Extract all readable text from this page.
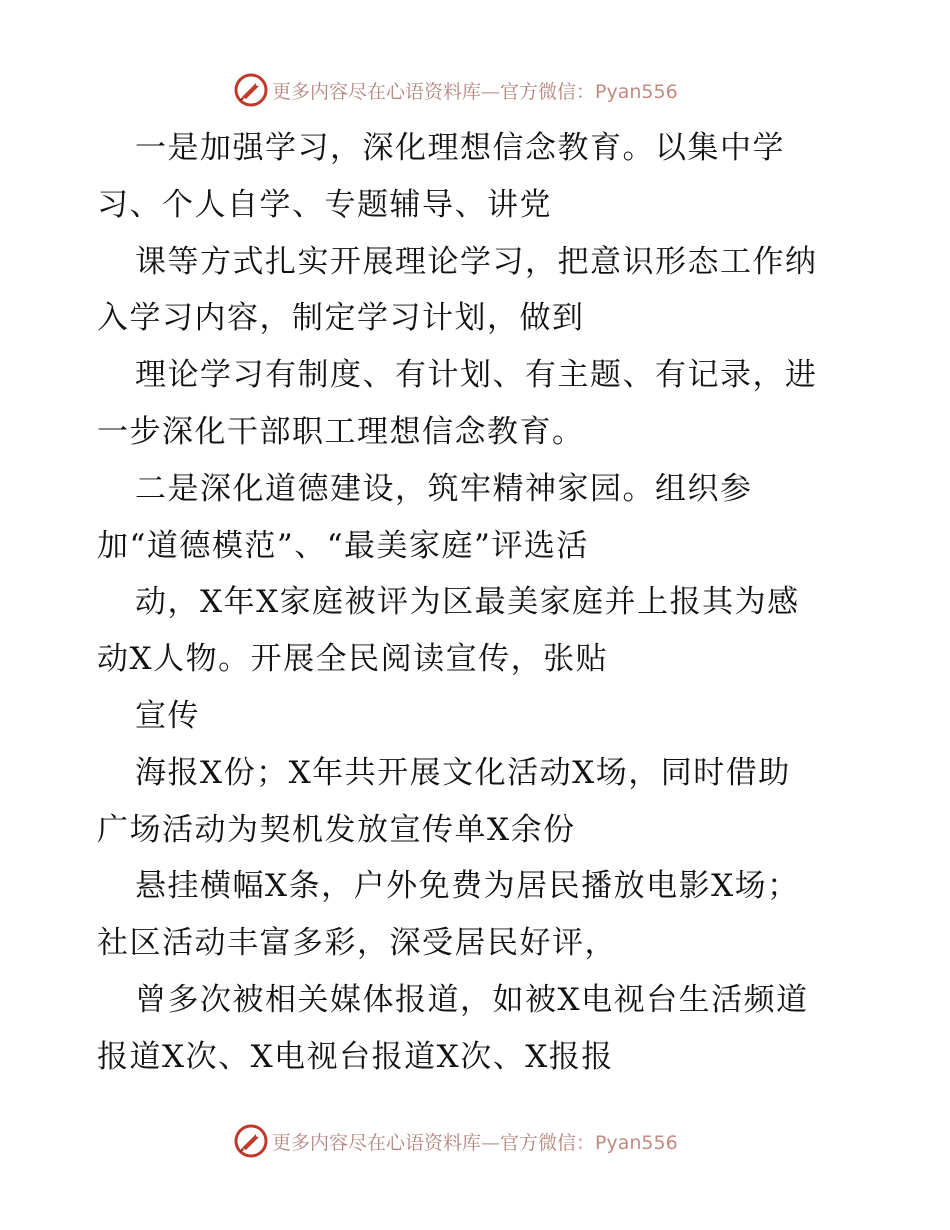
更多内容尽在心语资料库—官方微信：Pyan556
一是加强学习，深化理想信念教育。以集中学
习、个人自学、专题辅导、讲党
课等方式扎实开展理论学习，把意识形态工作纳
入学习内容，制定学习计划，做到
理论学习有制度、有计划、有主题、有记录，进
一步深化干部职工理想信念教育。
二是深化道德建设，筑牢精神家园。组织参
加“道德模范”、“最美家庭”评选活
动，X年X家庭被评为区最美家庭并上报其为感
动X人物。开展全民阅读宣传，张贴
宣传
海报X份；X年共开展文化活动X场，同时借助
广场活动为契机发放宣传单X余份
悬挂横幅X条，户外免费为居民播放电影X场；
社区活动丰富多彩，深受居民好评，
曾多次被相关媒体报道，如被X电视台生活频道
报道X次、X电视台报道X次、X报报
更多内容尽在心语资料库—官方微信：Pyan556
